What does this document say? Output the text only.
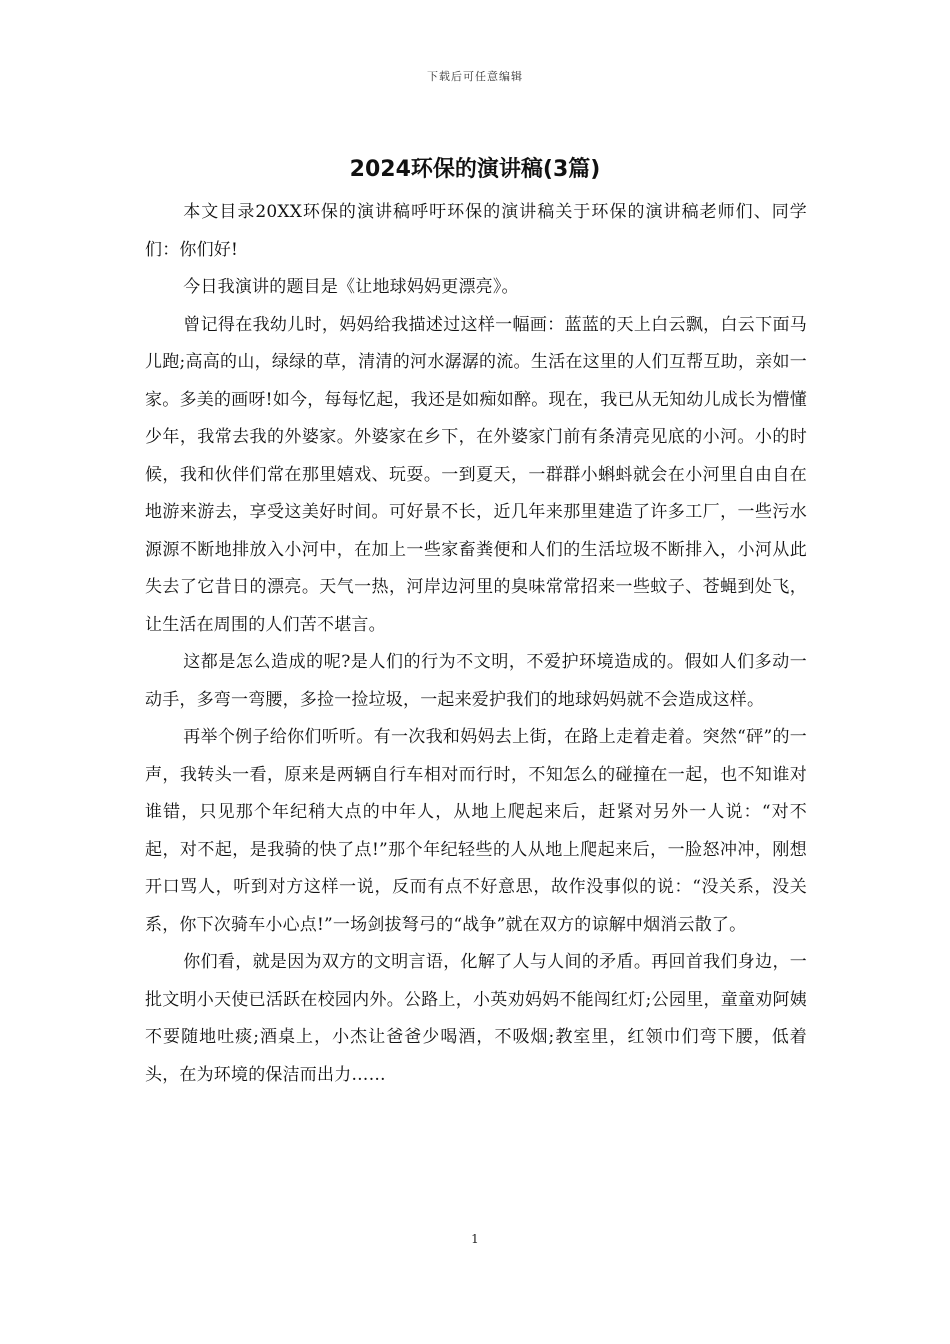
下载后可任意编辑
2024环保的演讲稿(3篇)

本文目录20XX环保的演讲稿呼吁环保的演讲稿关于环保的演讲稿老师们、同学们：你们好!

今日我演讲的题目是《让地球妈妈更漂亮》。

曾记得在我幼儿时，妈妈给我描述过这样一幅画：蓝蓝的天上白云飘，白云下面马儿跑;高高的山，绿绿的草，清清的河水潺潺的流。生活在这里的人们互帮互助，亲如一家。多美的画呀!如今，每每忆起，我还是如痴如醉。现在，我已从无知幼儿成长为懵懂少年，我常去我的外婆家。外婆家在乡下，在外婆家门前有条清亮见底的小河。小的时候，我和伙伴们常在那里嬉戏、玩耍。一到夏天，一群群小蝌蚪就会在小河里自由自在地游来游去，享受这美好时间。可好景不长，近几年来那里建造了许多工厂，一些污水源源不断地排放入小河中，在加上一些家畜粪便和人们的生活垃圾不断排入，小河从此失去了它昔日的漂亮。天气一热，河岸边河里的臭味常常招来一些蚊子、苍蝇到处飞，让生活在周围的人们苦不堪言。

这都是怎么造成的呢?是人们的行为不文明，不爱护环境造成的。假如人们多动一动手，多弯一弯腰，多捡一捡垃圾，一起来爱护我们的地球妈妈就不会造成这样。

再举个例子给你们听听。有一次我和妈妈去上街，在路上走着走着。突然“砰”的一声，我转头一看，原来是两辆自行车相对而行时，不知怎么的碰撞在一起，也不知谁对谁错，只见那个年纪稍大点的中年人，从地上爬起来后，赶紧对另外一人说：“对不起，对不起，是我骑的快了点!”那个年纪轻些的人从地上爬起来后，一脸怒冲冲，刚想开口骂人，听到对方这样一说，反而有点不好意思，故作没事似的说：“没关系，没关系，你下次骑车小心点!”一场剑拔弩弓的“战争”就在双方的谅解中烟消云散了。

你们看，就是因为双方的文明言语，化解了人与人间的矛盾。再回首我们身边，一批文明小天使已活跃在校园内外。公路上，小英劝妈妈不能闯红灯;公园里，童童劝阿姨不要随地吐痰;酒桌上，小杰让爸爸少喝酒，不吸烟;教室里，红领巾们弯下腰，低着头，在为环境的保洁而出力……

1
